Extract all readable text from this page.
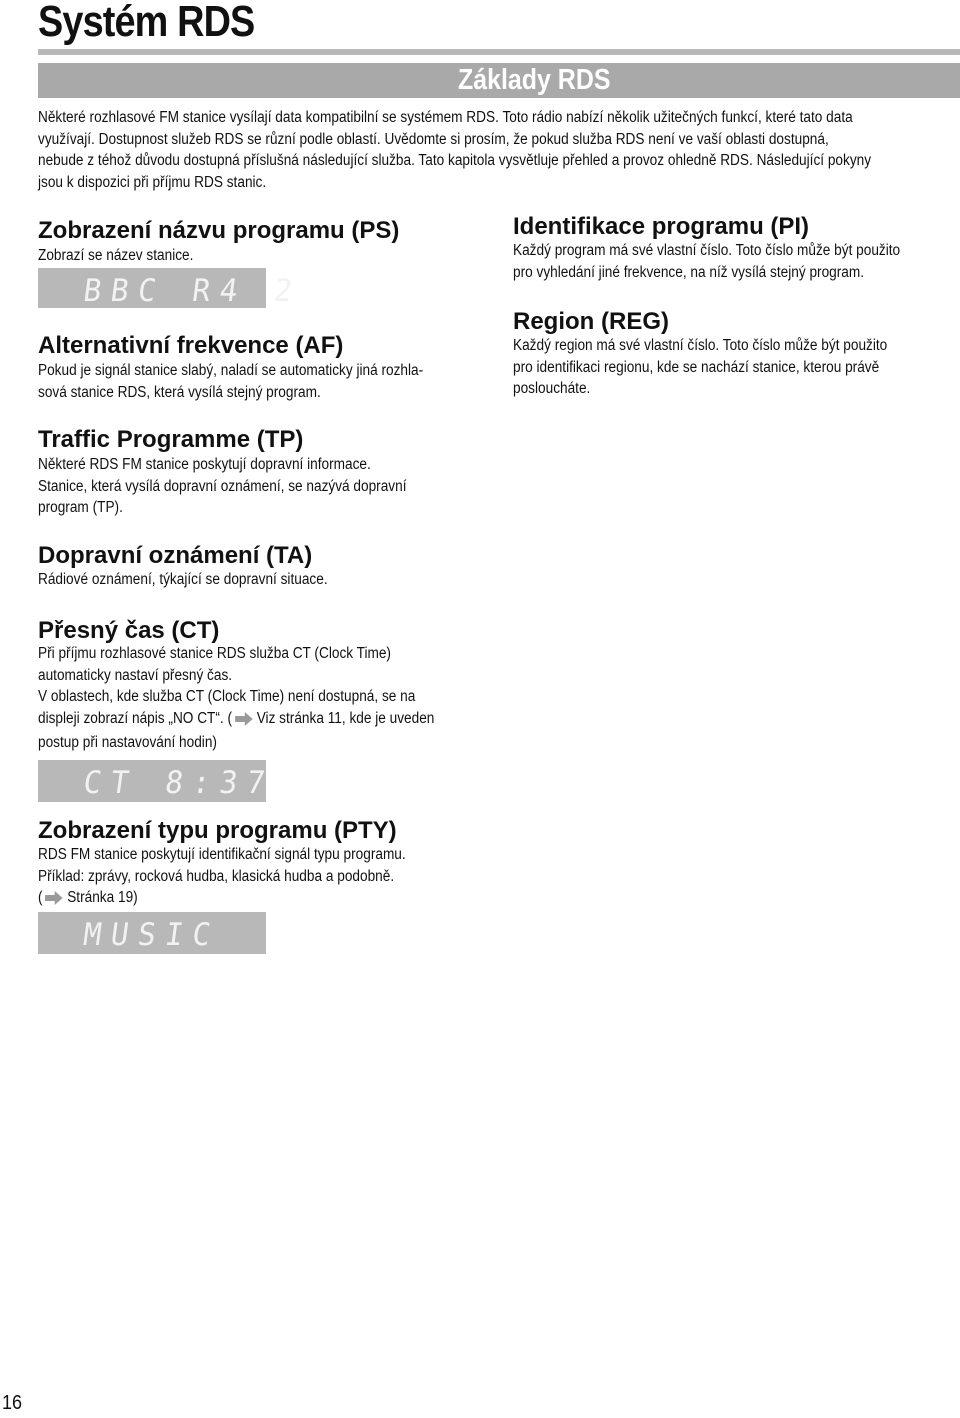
Systém RDS
Základy RDS
Některé rozhlasové FM stanice vysílají data kompatibilní se systémem RDS. Toto rádio nabízí několik užitečných funkcí, které tato data
využívají. Dostupnost služeb RDS se různí podle oblastí. Uvědomte si prosím, že pokud služba RDS není ve vaší oblasti dostupná,
nebude z téhož důvodu dostupná příslušná následující služba. Tato kapitola vysvětluje přehled a provoz ohledně RDS. Následující pokyny
jsou k dispozici při příjmu RDS stanic.
Zobrazení názvu programu (PS)
Zobrazí se název stanice.
BBC R4 2
Alternativní frekvence (AF)
Pokud je signál stanice slabý, naladí se automaticky jiná rozhla-
sová stanice RDS, která vysílá stejný program.
Traffic Programme (TP)
Některé RDS FM stanice poskytují dopravní informace.
Stanice, která vysílá dopravní oznámení, se nazývá dopravní
program (TP).
Dopravní oznámení (TA)
Rádiové oznámení, týkající se dopravní situace.
Přesný čas (CT)
Při příjmu rozhlasové stanice RDS služba CT (Clock Time)
automaticky nastaví přesný čas.
V oblastech, kde služba CT (Clock Time) není dostupná, se na
displeji zobrazí nápis „NO CT“. ( Viz stránka 11, kde je uveden
postup při nastavování hodin)
CT 8:37
Zobrazení typu programu (PTY)
RDS FM stanice poskytují identifikační signál typu programu.
Příklad: zprávy, rocková hudba, klasická hudba a podobně.
( Stránka 19)
MUSIC
Identifikace programu (PI)
Každý program má své vlastní číslo. Toto číslo může být použito
pro vyhledání jiné frekvence, na níž vysílá stejný program.
Region (REG)
Každý region má své vlastní číslo. Toto číslo může být použito
pro identifikaci regionu, kde se nachází stanice, kterou právě
posloucháte.
16
